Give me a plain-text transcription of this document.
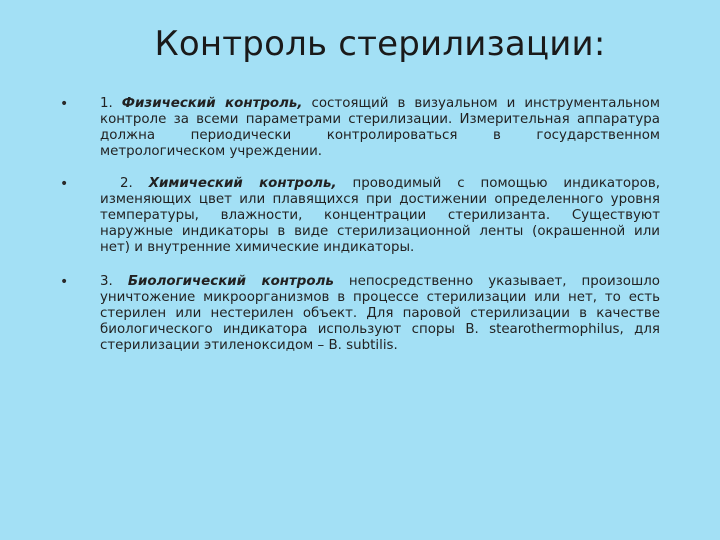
Контроль стерилизации:
• 1. Физический контроль, состоящий в визуальном и инструментальном контроле за всеми параметрами стерилизации. Измерительная аппаратура должна периодически контролироваться в государственном метрологическом учреждении.
•	2. Химический контроль, проводимый с помощью индикаторов, изменяющих цвет или плавящихся при достижении определенного уровня температуры, влажности, концентрации стерилизанта. Существуют наружные индикаторы в виде стерилизационной ленты (окрашенной или нет) и внутренние химические индикаторы.
• 3. Биологический контроль непосредственно указывает, произошло уничтожение микроорганизмов в процессе стерилизации или нет, то есть стерилен или нестерилен объект. Для паровой стерилизации в качестве биологического индикатора используют споры B. stearothermophilus, для стерилизации этиленоксидом – B. subtilis.
